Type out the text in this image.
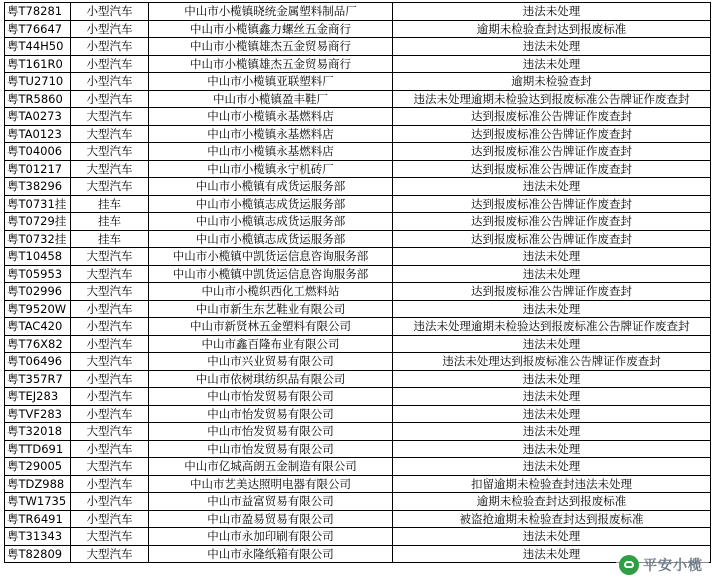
粤T78281	小型汽车	中山市小榄镇晓统金属塑料制品厂	违法未处理
粤T76647	小型汽车	中山市小榄镇鑫力螺丝五金商行	逾期未检验查封达到报废标准
粤T44H50	小型汽车	中山市小榄镇雄杰五金贸易商行	违法未处理
粤T161R0	小型汽车	中山市小榄镇雄杰五金贸易商行	违法未处理
粤TU2710	小型汽车	中山市小榄镇亚联塑料厂	逾期未检验查封
粤TR5860	小型汽车	中山市小榄镇盈丰鞋厂	违法未处理逾期未检验达到报废标准公告牌证作废查封
粤TA0273	大型汽车	中山市小榄镇永基燃料店	达到报废标准公告牌证作废查封
粤TA0123	大型汽车	中山市小榄镇永基燃料店	达到报废标准公告牌证作废查封
粤T04006	大型汽车	中山市小榄镇永基燃料店	达到报废标准公告牌证作废查封
粤T01217	大型汽车	中山市小榄镇永宁机砖厂	达到报废标准公告牌证作废查封
粤T38296	大型汽车	中山市小榄镇有成货运服务部	违法未处理
粤T0731挂	挂车	中山市小榄镇志成货运服务部	达到报废标准公告牌证作废查封
粤T0729挂	挂车	中山市小榄镇志成货运服务部	达到报废标准公告牌证作废查封
粤T0732挂	挂车	中山市小榄镇志成货运服务部	达到报废标准公告牌证作废查封
粤T10458	大型汽车	中山市小榄镇中凯货运信息咨询服务部	违法未处理
粤T05953	大型汽车	中山市小榄镇中凯货运信息咨询服务部	违法未处理
粤T02996	大型汽车	中山市小榄织西化工燃料站	达到报废标准公告牌证作废查封
粤T9520W	小型汽车	中山市新生东艺鞋业有限公司	违法未处理
粤TAC420	小型汽车	中山市新贤林五金塑料有限公司	违法未处理逾期未检验达到报废标准公告牌证作废查封
粤T76X82	小型汽车	中山市鑫百隆布业有限公司	违法未处理
粤T06496	大型汽车	中山市兴业贸易有限公司	违法未处理达到报废标准公告牌证作废查封
粤T357R7	小型汽车	中山市依树琪纺织品有限公司	违法未处理
粤TEJ283	小型汽车	中山市怡发贸易有限公司	违法未处理
粤TVF283	小型汽车	中山市怡发贸易有限公司	违法未处理
粤T32018	大型汽车	中山市怡发贸易有限公司	违法未处理
粤TTD691	小型汽车	中山市怡发贸易有限公司	违法未处理
粤T29005	大型汽车	中山市亿城高朗五金制造有限公司	违法未处理
粤TDZ988	小型汽车	中山市艺美达照明电器有限公司	扣留逾期未检验查封违法未处理
粤TW1735	小型汽车	中山市益富贸易有限公司	逾期未检验查封达到报废标准
粤TR6491	小型汽车	中山市盈易贸易有限公司	被盗抢逾期未检验查封达到报废标准
粤T31343	大型汽车	中山市永加印刷有限公司	违法未处理
粤T82809	大型汽车	中山市永隆纸箱有限公司	违法未处理
平安小榄
